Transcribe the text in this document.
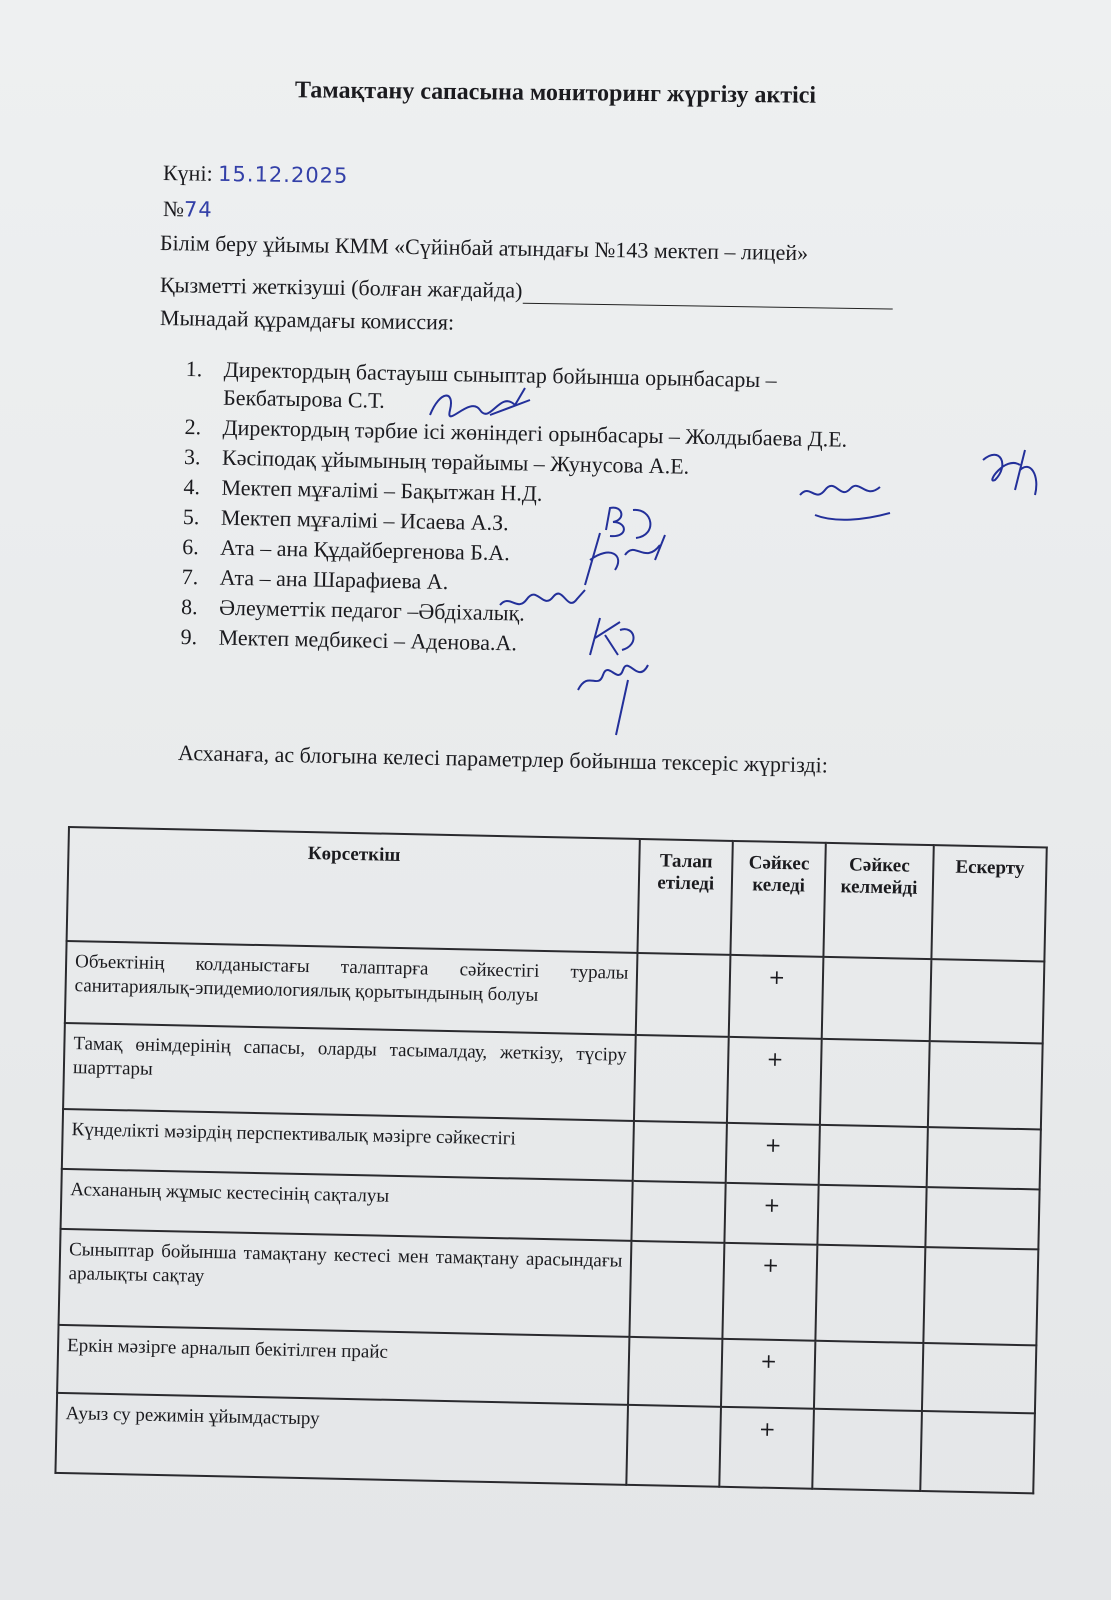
Тамақтану сапасына мониторинг жүргізу актісі
Күні: 15.12.2025
№74
Білім беру ұйымы КММ «Сүйінбай атындағы №143 мектеп – лицей»
Қызметті жеткізуші (болған жағдайда)
Мынадай құрамдағы комиссия:
1. Директордың бастауыш сыныптар бойынша орынбасары –
Бекбатырова С.Т.
2. Директордың тәрбие ісі жөніндегі орынбасары – Жолдыбаева Д.Е.
3. Кәсіподақ ұйымының төрайымы – Жунусова А.Е.
4. Мектеп мұғалімі – Бақытжан Н.Д.
5. Мектеп мұғалімі – Исаева А.З.
6. Ата – ана Құдайбергенова Б.А.
7. Ата – ана Шарафиева А.
8. Әлеуметтік педагог –Әбдіхалық.
9. Мектеп медбикесі – Аденова.А.
Асханаға, ас блогына келесі параметрлер бойынша тексеріс жүргізді:
Көрсеткіш	Талап етіледі	Сәйкес келеді	Сәйкес келмейді	Ескерту
Объектінің колданыстағы талаптарға сәйкестігі туралы санитариялық-эпидемиологиялық қорытындының болуы		+		
Тамақ өнімдерінің сапасы, оларды тасымалдау, жеткізу, түсіру шарттары		+		
Күнделікті мәзірдің перспективалық мәзірге сәйкестігі		+		
Асхананың жұмыс кестесінің сақталуы		+		
Сыныптар бойынша тамақтану кестесі мен тамақтану арасындағы аралықты сақтау		+		
Еркін мәзірге арналып бекітілген прайс		+		
Ауыз су режимін ұйымдастыру		+		
